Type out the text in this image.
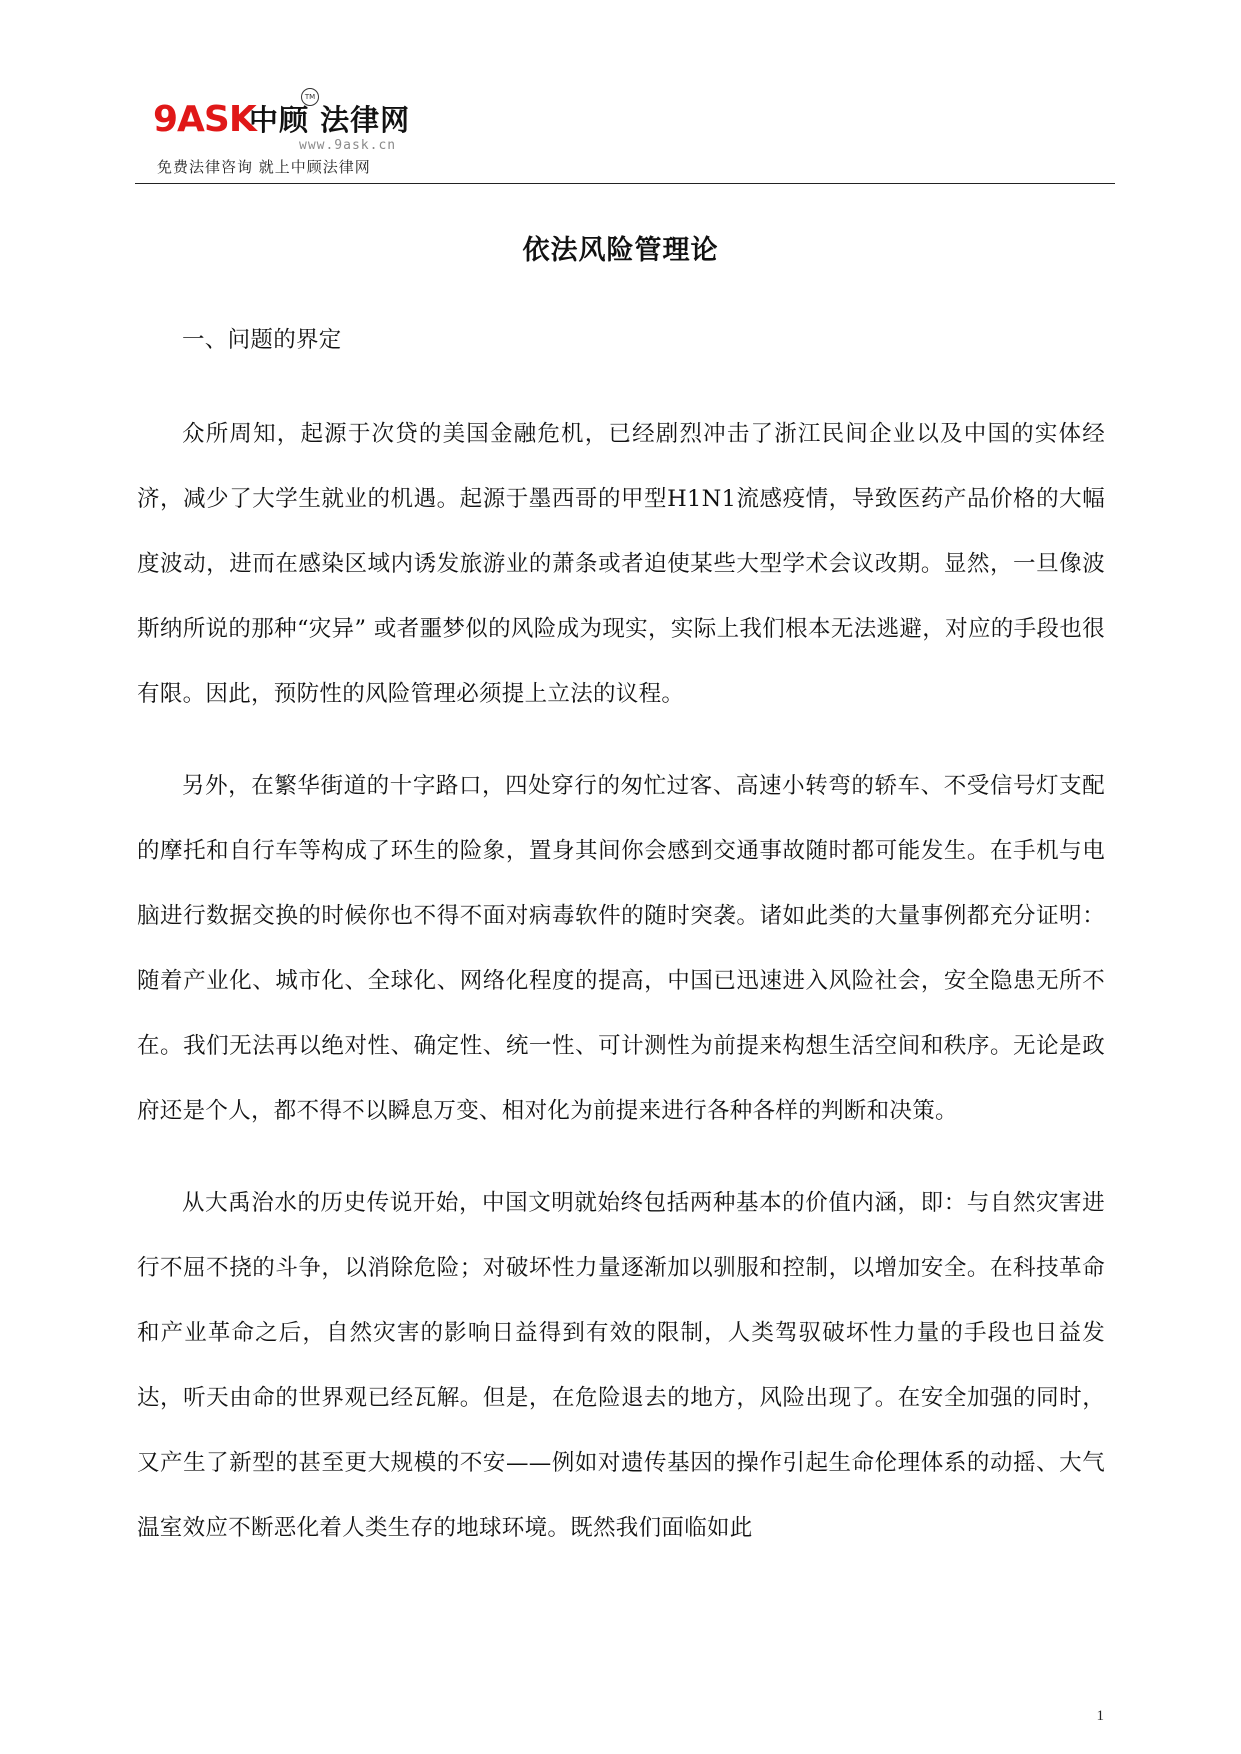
9ASK
中顾 法律网
TM
www.9ask.cn
免费法律咨询 就上中顾法律网
依法风险管理论

一、问题的界定

众所周知，起源于次贷的美国金融危机，已经剧烈冲击了浙江民间企业以及中国的实体经济，减少了大学生就业的机遇。起源于墨西哥的甲型H1N1流感疫情，导致医药产品价格的大幅度波动，进而在感染区域内诱发旅游业的萧条或者迫使某些大型学术会议改期。显然，一旦像波斯纳所说的那种“灾异” 或者噩梦似的风险成为现实，实际上我们根本无法逃避，对应的手段也很有限。因此，预防性的风险管理必须提上立法的议程。

另外，在繁华街道的十字路口，四处穿行的匆忙过客、高速小转弯的轿车、不受信号灯支配的摩托和自行车等构成了环生的险象，置身其间你会感到交通事故随时都可能发生。在手机与电脑进行数据交换的时候你也不得不面对病毒软件的随时突袭。诸如此类的大量事例都充分证明：随着产业化、城市化、全球化、网络化程度的提高，中国已迅速进入风险社会，安全隐患无所不在。我们无法再以绝对性、确定性、统一性、可计测性为前提来构想生活空间和秩序。无论是政府还是个人，都不得不以瞬息万变、相对化为前提来进行各种各样的判断和决策。

从大禹治水的历史传说开始，中国文明就始终包括两种基本的价值内涵，即：与自然灾害进行不屈不挠的斗争，以消除危险；对破坏性力量逐渐加以驯服和控制，以增加安全。在科技革命和产业革命之后，自然灾害的影响日益得到有效的限制，人类驾驭破坏性力量的手段也日益发达，听天由命的世界观已经瓦解。但是，在危险退去的地方，风险出现了。在安全加强的同时，又产生了新型的甚至更大规模的不安——例如对遗传基因的操作引起生命伦理体系的动摇、大气温室效应不断恶化着人类生存的地球环境。既然我们面临如此

1
